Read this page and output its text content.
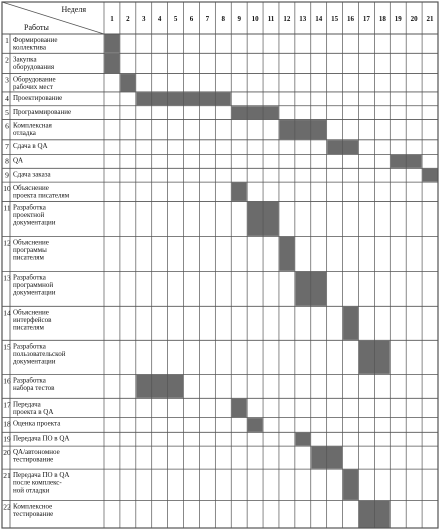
Неделя
Работы
1 2 3 4 5 6 7 8 9 10 11 12 13 14 15 16 17 18 19 20 21
1 Формирование
коллектива
2 Закупка
оборудования
3 Оборудование
рабочих мест
4 Проектирование
5 Программирование
6 Комплексная
отладка
7 Сдача в QA
8 QA
9 Сдача заказа
10 Объяснение
проекта писателям
11 Разработка
проектной
документации
12 Объяснение
программы
писателям
13 Разработка
программной
документации
14 Объяснение
интерфейсов
писателям
15 Разработка
пользовательской
документации
16 Разработка
набора тестов
17 Передача
проекта в QA
18 Оценка проекта
19 Передача ПО в QA
20 QА/автономное
тестирование
21 Передача ПО в QA
после комплекс-
ной отладки
22 Комплексное
тестирование
